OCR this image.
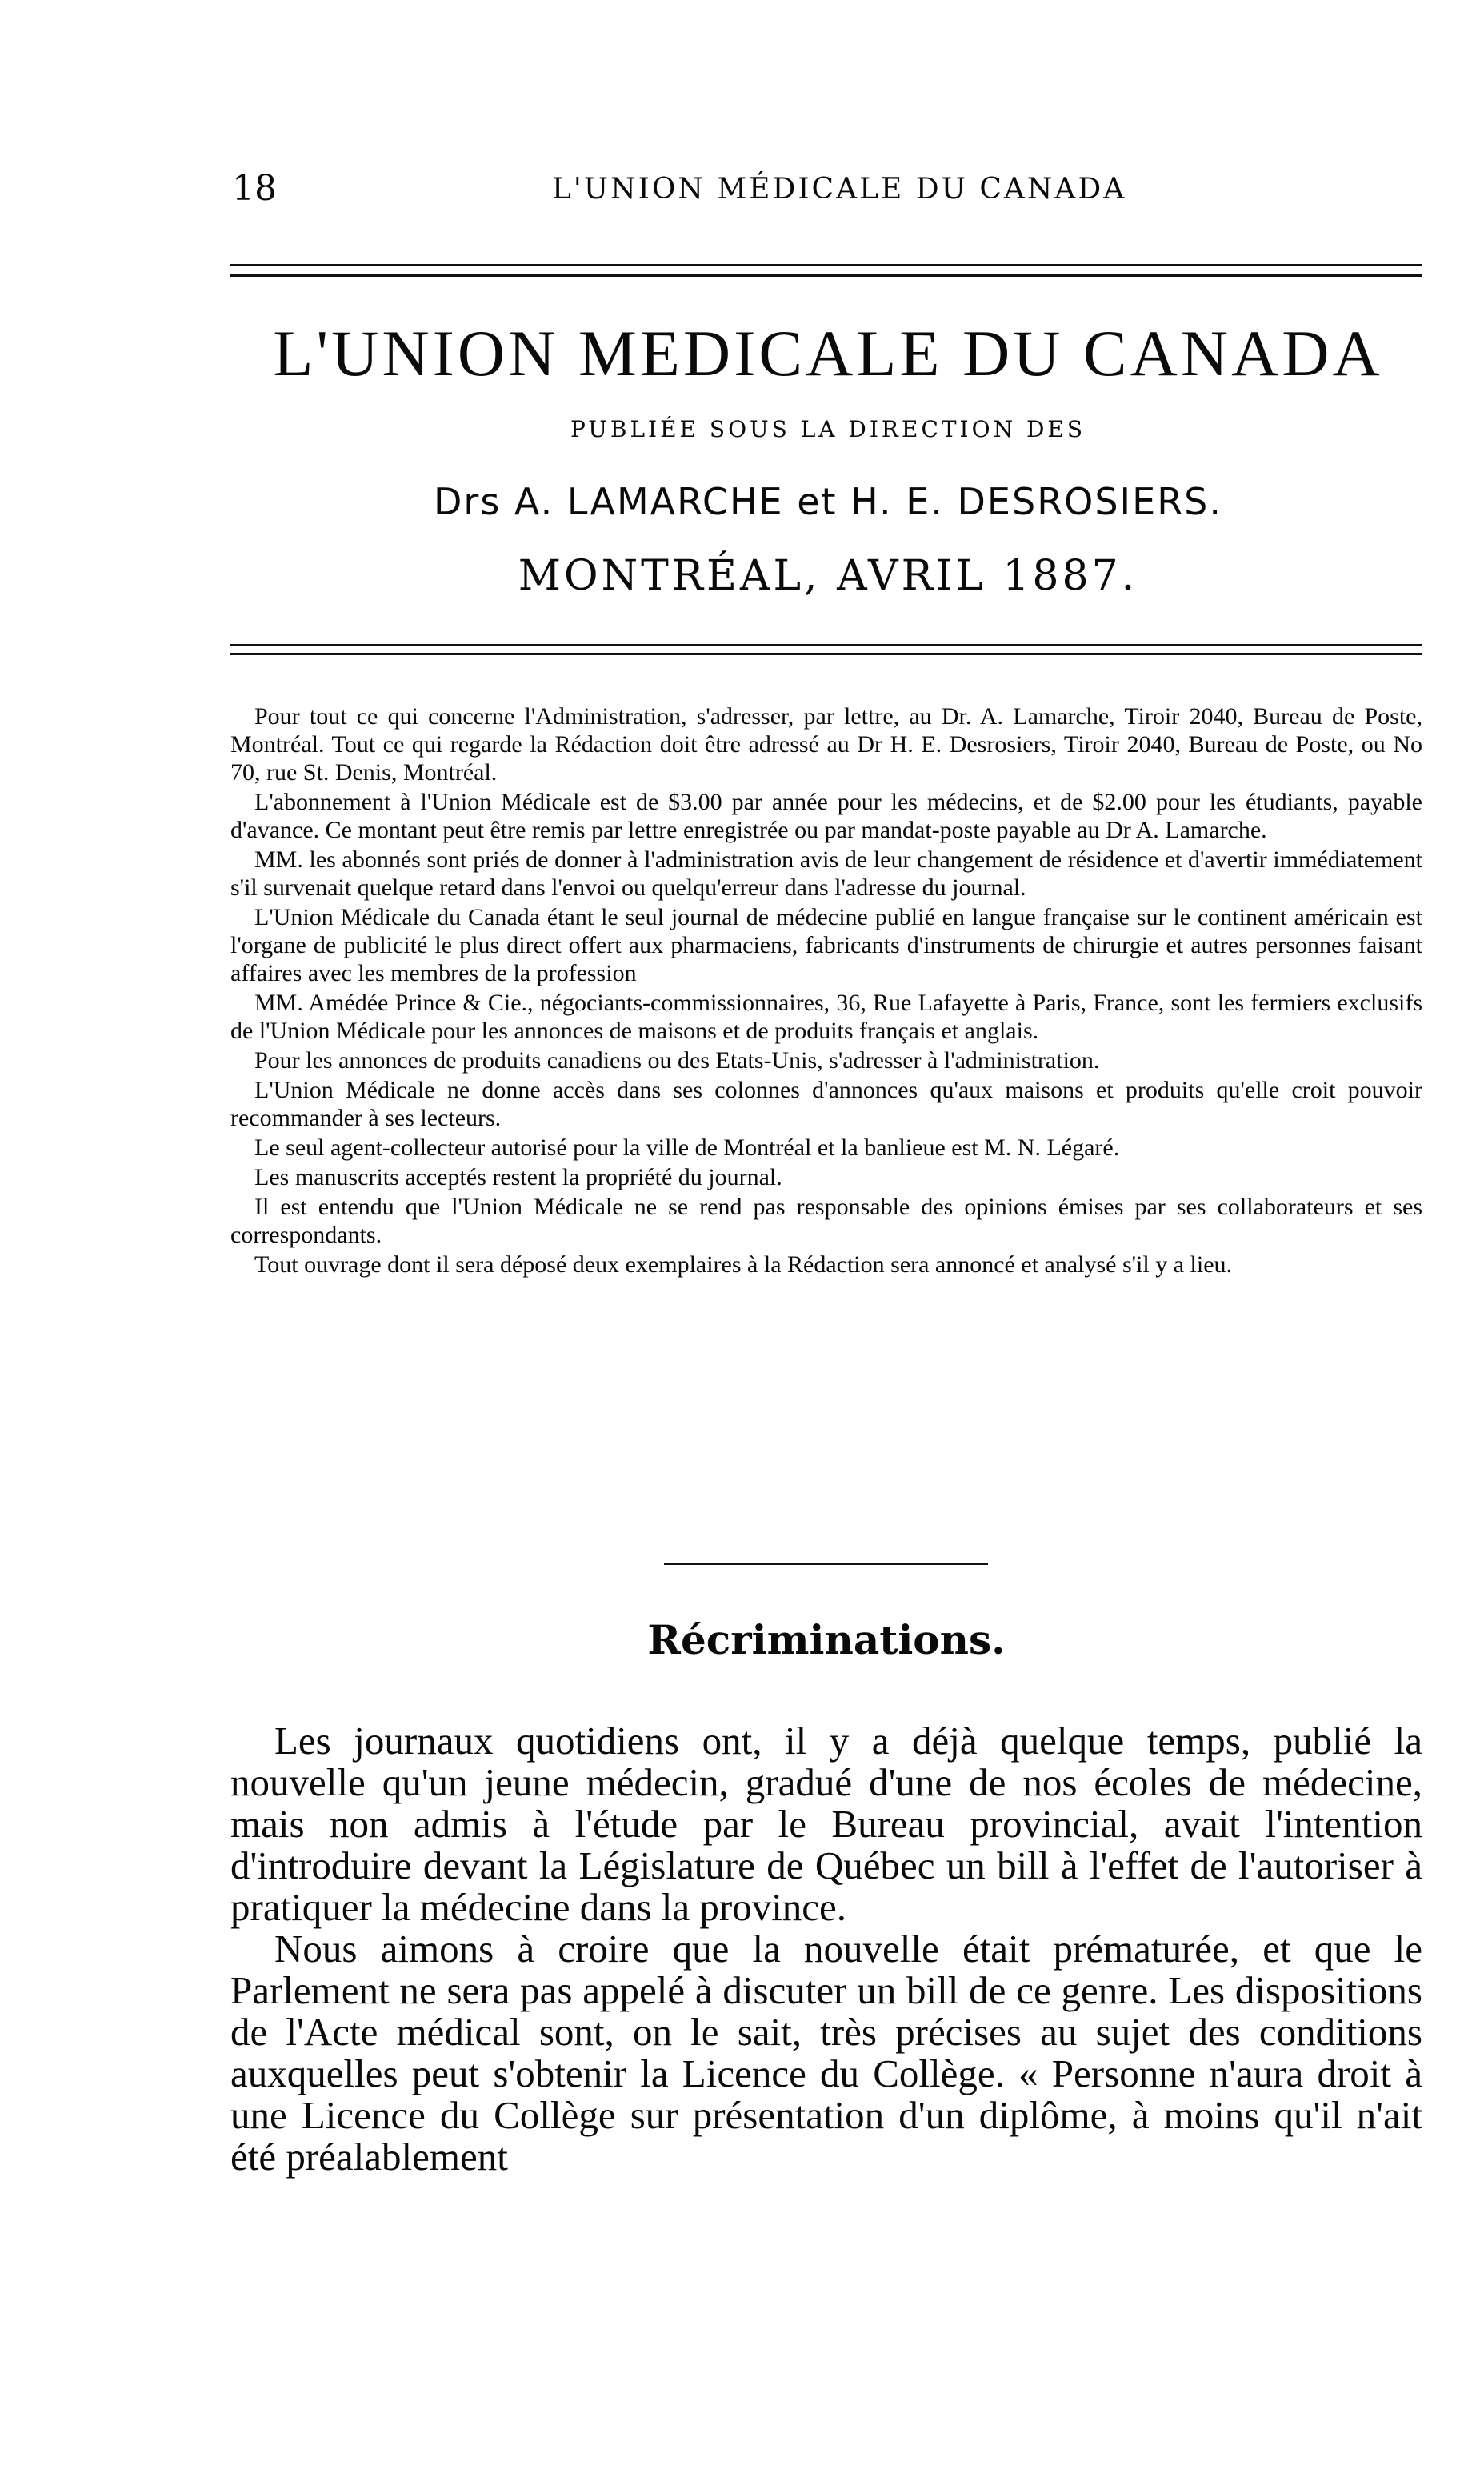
18	L'UNION MÉDICALE DU CANADA
L'UNION MEDICALE DU CANADA
PUBLIÉE SOUS LA DIRECTION DES
Drs A. LAMARCHE et H. E. DESROSIERS.
MONTRÉAL, AVRIL 1887.

Pour tout ce qui concerne l'Administration, s'adresser, par lettre, au Dr. A. Lamarche, Tiroir 2040, Bureau de Poste, Montréal. Tout ce qui regarde la Rédaction doit être adressé au Dr H. E. Desrosiers, Tiroir 2040, Bureau de Poste, ou No 70, rue St. Denis, Montréal.

L'abonnement à l'Union Médicale est de $3.00 par année pour les médecins, et de $2.00 pour les étudiants, payable d'avance. Ce montant peut être remis par lettre enregistrée ou par mandat-poste payable au Dr A. Lamarche.

MM. les abonnés sont priés de donner à l'administration avis de leur changement de résidence et d'avertir immédiatement s'il survenait quelque retard dans l'envoi ou quelqu'erreur dans l'adresse du journal.

L'Union Médicale du Canada étant le seul journal de médecine publié en langue française sur le continent américain est l'organe de publicité le plus direct offert aux pharmaciens, fabricants d'instruments de chirurgie et autres personnes faisant affaires avec les membres de la profession

MM. Amédée Prince & Cie., négociants-commissionnaires, 36, Rue Lafayette à Paris, France, sont les fermiers exclusifs de l'Union Médicale pour les annonces de maisons et de produits français et anglais.

Pour les annonces de produits canadiens ou des Etats-Unis, s'adresser à l'administration.

L'Union Médicale ne donne accès dans ses colonnes d'annonces qu'aux maisons et produits qu'elle croit pouvoir recommander à ses lecteurs.

Le seul agent-collecteur autorisé pour la ville de Montréal et la banlieue est M. N. Légaré.

Les manuscrits acceptés restent la propriété du journal.

Il est entendu que l'Union Médicale ne se rend pas responsable des opinions émises par ses collaborateurs et ses correspondants.

Tout ouvrage dont il sera déposé deux exemplaires à la Rédaction sera annoncé et analysé s'il y a lieu.

Récriminations.

Les journaux quotidiens ont, il y a déjà quelque temps, publié la nouvelle qu'un jeune médecin, gradué d'une de nos écoles de médecine, mais non admis à l'étude par le Bureau provincial, avait l'intention d'introduire devant la Législature de Québec un bill à l'effet de l'autoriser à pratiquer la médecine dans la province.

Nous aimons à croire que la nouvelle était prématurée, et que le Parlement ne sera pas appelé à discuter un bill de ce genre. Les dispositions de l'Acte médical sont, on le sait, très précises au sujet des conditions auxquelles peut s'obtenir la Licence du Collège. « Personne n'aura droit à une Licence du Collège sur présentation d'un diplôme, à moins qu'il n'ait été préalablement
